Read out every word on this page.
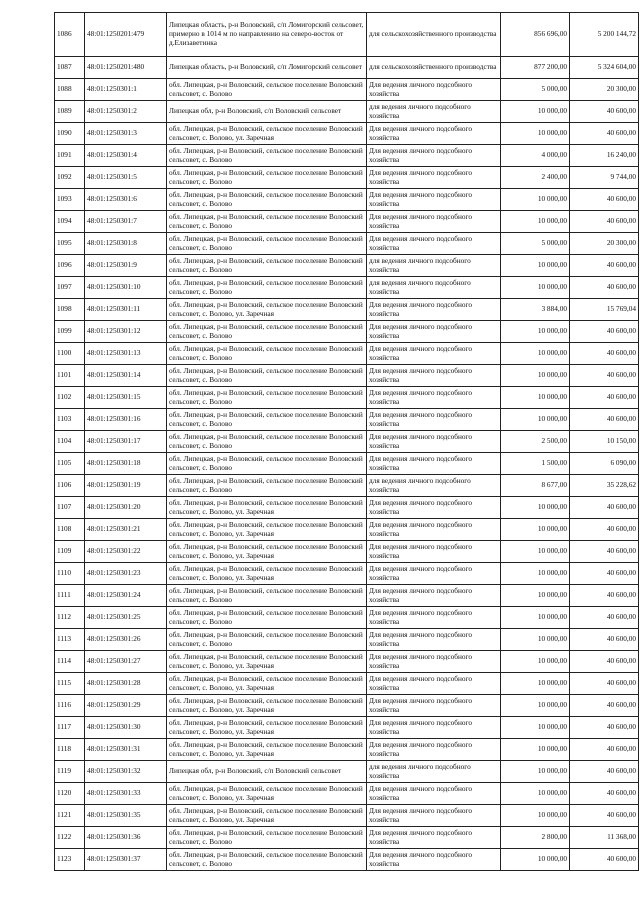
1086	48:01:1250201:479	Липецкая область, р-н Воловский, с/п Ломигорский сельсовет, примерно в 1014 м по направлению на северо-восток от д.Елизаветинка	для сельскохозяйственного производства	856 696,00	5 200 144,72
1087	48:01:1250201:480	Липецкая область, р-н Воловский, с/п Ломигорский сельсовет	для сельскохозяйственного производства	877 200,00	5 324 604,00
1088	48:01:1250301:1	обл. Липецкая, р-н Воловский, сельское поселение Воловский сельсовет, с. Волово	Для ведения личного подсобного хозяйства	5 000,00	20 300,00
1089	48:01:1250301:2	Липецкая обл, р-н Воловский, с/п Воловский сельсовет	для ведения личного подсобного хозяйства	10 000,00	40 600,00
1090	48:01:1250301:3	обл. Липецкая, р-н Воловский, сельское поселение Воловский сельсовет, с. Волово, ул. Заречная	Для ведения личного подсобного хозяйства	10 000,00	40 600,00
1091	48:01:1250301:4	обл. Липецкая, р-н Воловский, сельское поселение Воловский сельсовет, с. Волово	Для ведения личного подсобного хозяйства	4 000,00	16 240,00
1092	48:01:1250301:5	обл. Липецкая, р-н Воловский, сельское поселение Воловский сельсовет, с. Волово	Для ведения личного подсобного хозяйства	2 400,00	9 744,00
1093	48:01:1250301:6	обл. Липецкая, р-н Воловский, сельское поселение Воловский сельсовет, с. Волово	Для ведения личного подсобного хозяйства	10 000,00	40 600,00
1094	48:01:1250301:7	обл. Липецкая, р-н Воловский, сельское поселение Воловский сельсовет, с. Волово	Для ведения личного подсобного хозяйства	10 000,00	40 600,00
1095	48:01:1250301:8	обл. Липецкая, р-н Воловский, сельское поселение Воловский сельсовет, с. Волово	Для ведения личного подсобного хозяйства	5 000,00	20 300,00
1096	48:01:1250301:9	обл. Липецкая, р-н Воловский, сельское поселение Воловский сельсовет, с. Волово	для ведения личного подсобного хозяйства	10 000,00	40 600,00
1097	48:01:1250301:10	обл. Липецкая, р-н Воловский, сельское поселение Воловский сельсовет, с. Волово	для ведения личного подсобного хозяйства	10 000,00	40 600,00
1098	48:01:1250301:11	обл. Липецкая, р-н Воловский, сельское поселение Воловский сельсовет, с. Волово, ул. Заречная	Для ведения личного подсобного хозяйства	3 884,00	15 769,04
1099	48:01:1250301:12	обл. Липецкая, р-н Воловский, сельское поселение Воловский сельсовет, с. Волово	Для ведения личного подсобного хозяйства	10 000,00	40 600,00
1100	48:01:1250301:13	обл. Липецкая, р-н Воловский, сельское поселение Воловский сельсовет, с. Волово	Для ведения личного подсобного хозяйства	10 000,00	40 600,00
1101	48:01:1250301:14	обл. Липецкая, р-н Воловский, сельское поселение Воловский сельсовет, с. Волово	Для ведения личного подсобного хозяйства	10 000,00	40 600,00
1102	48:01:1250301:15	обл. Липецкая, р-н Воловский, сельское поселение Воловский сельсовет, с. Волово	Для ведения личного подсобного хозяйства	10 000,00	40 600,00
1103	48:01:1250301:16	обл. Липецкая, р-н Воловский, сельское поселение Воловский сельсовет, с. Волово	Для ведения личного подсобного хозяйства	10 000,00	40 600,00
1104	48:01:1250301:17	обл. Липецкая, р-н Воловский, сельское поселение Воловский сельсовет, с. Волово	Для ведения личного подсобного хозяйства	2 500,00	10 150,00
1105	48:01:1250301:18	обл. Липецкая, р-н Воловский, сельское поселение Воловский сельсовет, с. Волово	Для ведения личного подсобного хозяйства	1 500,00	6 090,00
1106	48:01:1250301:19	обл. Липецкая, р-н Воловский, сельское поселение Воловский сельсовет, с. Волово	для ведения личного подсобного хозяйства	8 677,00	35 228,62
1107	48:01:1250301:20	обл. Липецкая, р-н Воловский, сельское поселение Воловский сельсовет, с. Волово, ул. Заречная	Для ведения личного подсобного хозяйства	10 000,00	40 600,00
1108	48:01:1250301:21	обл. Липецкая, р-н Воловский, сельское поселение Воловский сельсовет, с. Волово, ул. Заречная	Для ведения личного подсобного хозяйства	10 000,00	40 600,00
1109	48:01:1250301:22	обл. Липецкая, р-н Воловский, сельское поселение Воловский сельсовет, с. Волово, ул. Заречная	Для ведения личного подсобного хозяйства	10 000,00	40 600,00
1110	48:01:1250301:23	обл. Липецкая, р-н Воловский, сельское поселение Воловский сельсовет, с. Волово, ул. Заречная	Для ведения личного подсобного хозяйства	10 000,00	40 600,00
1111	48:01:1250301:24	обл. Липецкая, р-н Воловский, сельское поселение Воловский сельсовет, с. Волово	Для ведения личного подсобного хозяйства	10 000,00	40 600,00
1112	48:01:1250301:25	обл. Липецкая, р-н Воловский, сельское поселение Воловский сельсовет, с. Волово	Для ведения личного подсобного хозяйства	10 000,00	40 600,00
1113	48:01:1250301:26	обл. Липецкая, р-н Воловский, сельское поселение Воловский сельсовет, с. Волово	Для ведения личного подсобного хозяйства	10 000,00	40 600,00
1114	48:01:1250301:27	обл. Липецкая, р-н Воловский, сельское поселение Воловский сельсовет, с. Волово, ул. Заречная	Для ведения личного подсобного хозяйства	10 000,00	40 600,00
1115	48:01:1250301:28	обл. Липецкая, р-н Воловский, сельское поселение Воловский сельсовет, с. Волово, ул. Заречная	Для ведения личного подсобного хозяйства	10 000,00	40 600,00
1116	48:01:1250301:29	обл. Липецкая, р-н Воловский, сельское поселение Воловский сельсовет, с. Волово, ул. Заречная	Для ведения личного подсобного хозяйства	10 000,00	40 600,00
1117	48:01:1250301:30	обл. Липецкая, р-н Воловский, сельское поселение Воловский сельсовет, с. Волово, ул. Заречная	Для ведения личного подсобного хозяйства	10 000,00	40 600,00
1118	48:01:1250301:31	обл. Липецкая, р-н Воловский, сельское поселение Воловский сельсовет, с. Волово, ул. Заречная	Для ведения личного подсобного хозяйства	10 000,00	40 600,00
1119	48:01:1250301:32	Липецкая обл, р-н Воловский, с/п Воловский сельсовет	для ведения личного подсобного хозяйства	10 000,00	40 600,00
1120	48:01:1250301:33	обл. Липецкая, р-н Воловский, сельское поселение Воловский сельсовет, с. Волово, ул. Заречная	Для ведения личного подсобного хозяйства	10 000,00	40 600,00
1121	48:01:1250301:35	обл. Липецкая, р-н Воловский, сельское поселение Воловский сельсовет, с. Волово, ул. Заречная	Для ведения личного подсобного хозяйства	10 000,00	40 600,00
1122	48:01:1250301:36	обл. Липецкая, р-н Воловский, сельское поселение Воловский сельсовет, с. Волово	Для ведения личного подсобного хозяйства	2 800,00	11 368,00
1123	48:01:1250301:37	обл. Липецкая, р-н Воловский, сельское поселение Воловский сельсовет, с. Волово	Для ведения личного подсобного хозяйства	10 000,00	40 600,00
